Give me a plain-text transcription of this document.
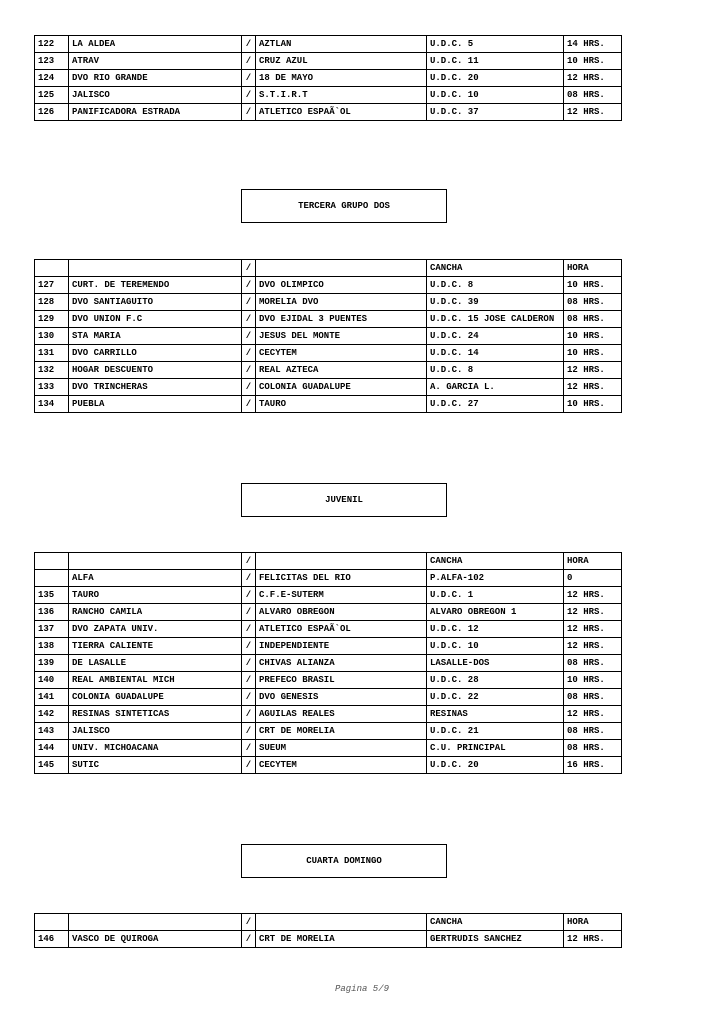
122	LA ALDEA	/	AZTLAN	U.D.C. 5	14 HRS.
123	ATRAV	/	CRUZ AZUL	U.D.C. 11	10 HRS.
124	DVO RIO GRANDE	/	18 DE MAYO	U.D.C. 20	12 HRS.
125	JALISCO	/	S.T.I.R.T	U.D.C. 10	08 HRS.
126	PANIFICADORA ESTRADA	/	ATLETICO ESPAÃ`OL	U.D.C. 37	12 HRS.
TERCERA GRUPO DOS
		/		CANCHA	HORA
127	CURT. DE TEREMENDO	/	DVO OLIMPICO	U.D.C. 8	10 HRS.
128	DVO SANTIAGUITO	/	MORELIA DVO	U.D.C. 39	08 HRS.
129	DVO UNION F.C	/	DVO EJIDAL 3 PUENTES	U.D.C. 15 JOSE CALDERON	08 HRS.
130	STA MARIA	/	JESUS DEL MONTE	U.D.C. 24	10 HRS.
131	DVO CARRILLO	/	CECYTEM	U.D.C. 14	10 HRS.
132	HOGAR DESCUENTO	/	REAL AZTECA	U.D.C. 8	12 HRS.
133	DVO TRINCHERAS	/	COLONIA GUADALUPE	A. GARCIA L.	12 HRS.
134	PUEBLA	/	TAURO	U.D.C. 27	10 HRS.
JUVENIL
		/		CANCHA	HORA
	ALFA	/	FELICITAS DEL RIO	P.ALFA-102	0
135	TAURO	/	C.F.E-SUTERM	U.D.C. 1	12 HRS.
136	RANCHO CAMILA	/	ALVARO OBREGON	ALVARO OBREGON 1	12 HRS.
137	DVO ZAPATA UNIV.	/	ATLETICO ESPAÃ`OL	U.D.C. 12	12 HRS.
138	TIERRA CALIENTE	/	INDEPENDIENTE	U.D.C. 10	12 HRS.
139	DE LASALLE	/	CHIVAS ALIANZA	LASALLE-DOS	08 HRS.
140	REAL AMBIENTAL MICH	/	PREFECO BRASIL	U.D.C. 28	10 HRS.
141	COLONIA GUADALUPE	/	DVO GENESIS	U.D.C. 22	08 HRS.
142	RESINAS SINTETICAS	/	AGUILAS REALES	RESINAS	12 HRS.
143	JALISCO	/	CRT DE MORELIA	U.D.C. 21	08 HRS.
144	UNIV. MICHOACANA	/	SUEUM	C.U. PRINCIPAL	08 HRS.
145	SUTIC	/	CECYTEM	U.D.C. 20	16 HRS.
CUARTA DOMINGO
		/		CANCHA	HORA
146	VASCO DE QUIROGA	/	CRT DE MORELIA	GERTRUDIS SANCHEZ	12 HRS.
Pagina 5/9
